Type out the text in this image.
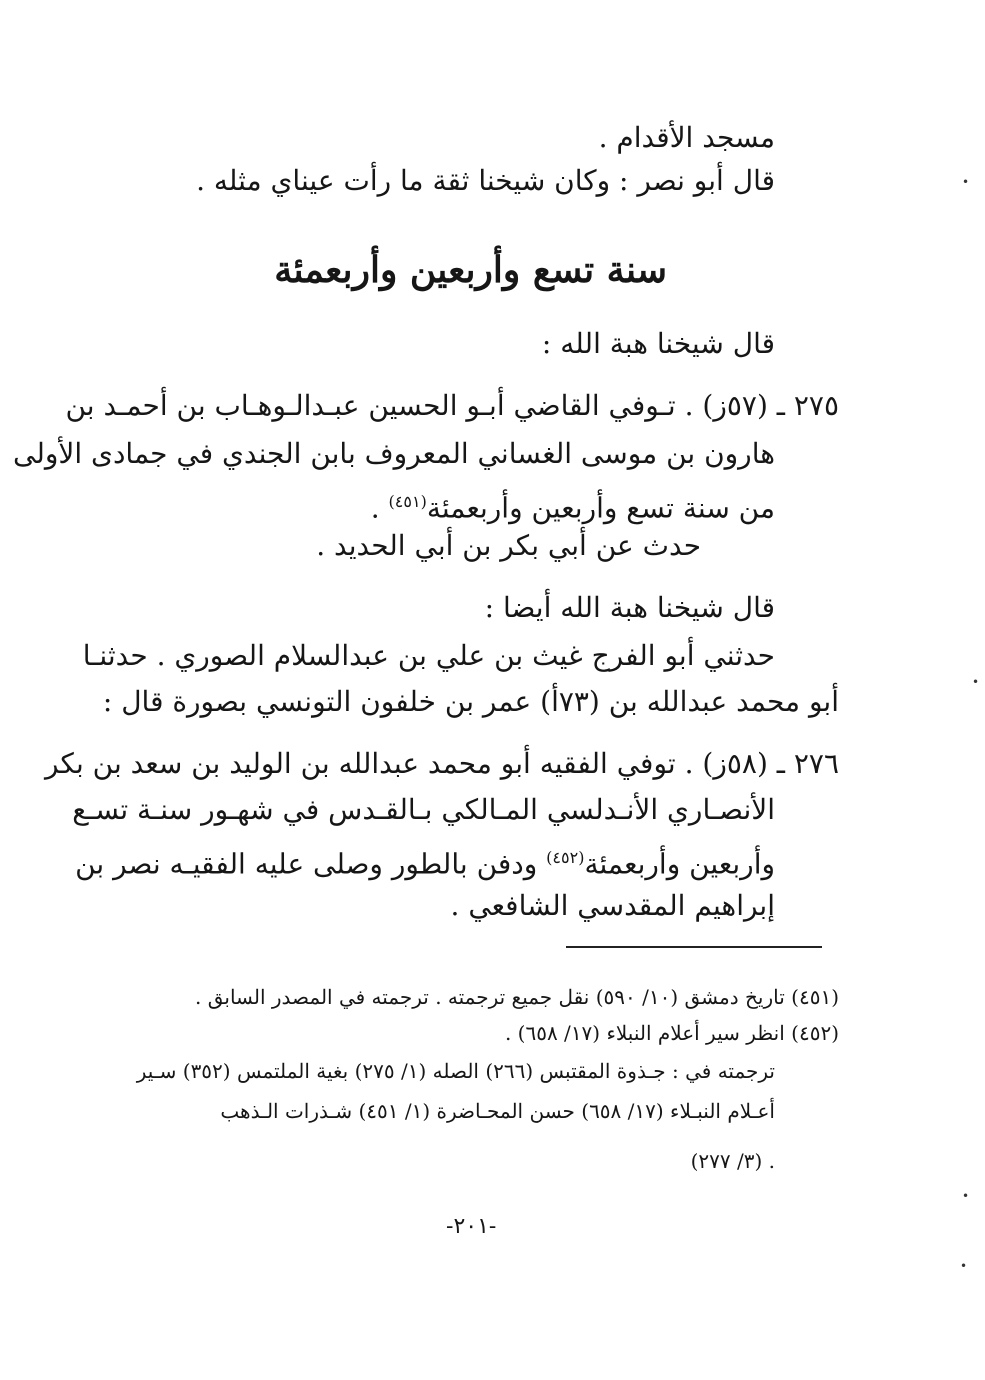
مسجد الأقدام .
قال أبو نصر : وكان شيخنا ثقة ما رأت عيناي مثله .
سنة تسع وأربعين وأربعمئة
قال شيخنا هبة الله :
٢٧٥ ـ (٥٧ز) . تـوفي القاضي أبـو الحسين عبـدالـوهـاب بن أحمـد بن
هارون بن موسى الغساني المعروف بابن الجندي في جمادى الأولى
من سنة تسع وأربعين وأربعمئة$^{(٤٥١)}$ .
حدث عن أبي بكر بن أبي الحديد .
قال شيخنا هبة الله أيضا :
حدثني أبو الفرج غيث بن علي بن عبدالسلام الصوري . حدثنـا
أبو محمد عبدالله بن (٧٣أ) عمر بن خلفون التونسي بصورة قال :
٢٧٦ ـ (٥٨ز) . توفي الفقيه أبو محمد عبدالله بن الوليد بن سعد بن بكر
الأنصـاري الأنـدلسي المـالكي بـالقـدس في شهـور سنـة تسـع
وأربعين وأربعمئة$^{(٤٥٢)}$ ودفن بالطور وصلى عليه الفقيـه نصر بن
إبراهيم المقدسي الشافعي .
(٤٥١) تاريخ دمشق (١٠/ ٥٩٠) نقل جميع ترجمته . ترجمته في المصدر السابق .
(٤٥٢) انظر سير أعلام النبلاء (١٧/ ٦٥٨) .
ترجمته في : جـذوة المقتبس (٢٦٦) الصله (١/ ٢٧٥) بغية الملتمس (٣٥٢) سـير
أعـلام النبـلاء (١٧/ ٦٥٨) حسن المحـاضرة (١/ ٤٥١) شـذرات الـذهب
. (٣/ ٢٧٧)
-٢٠١-
•
•
•
•
